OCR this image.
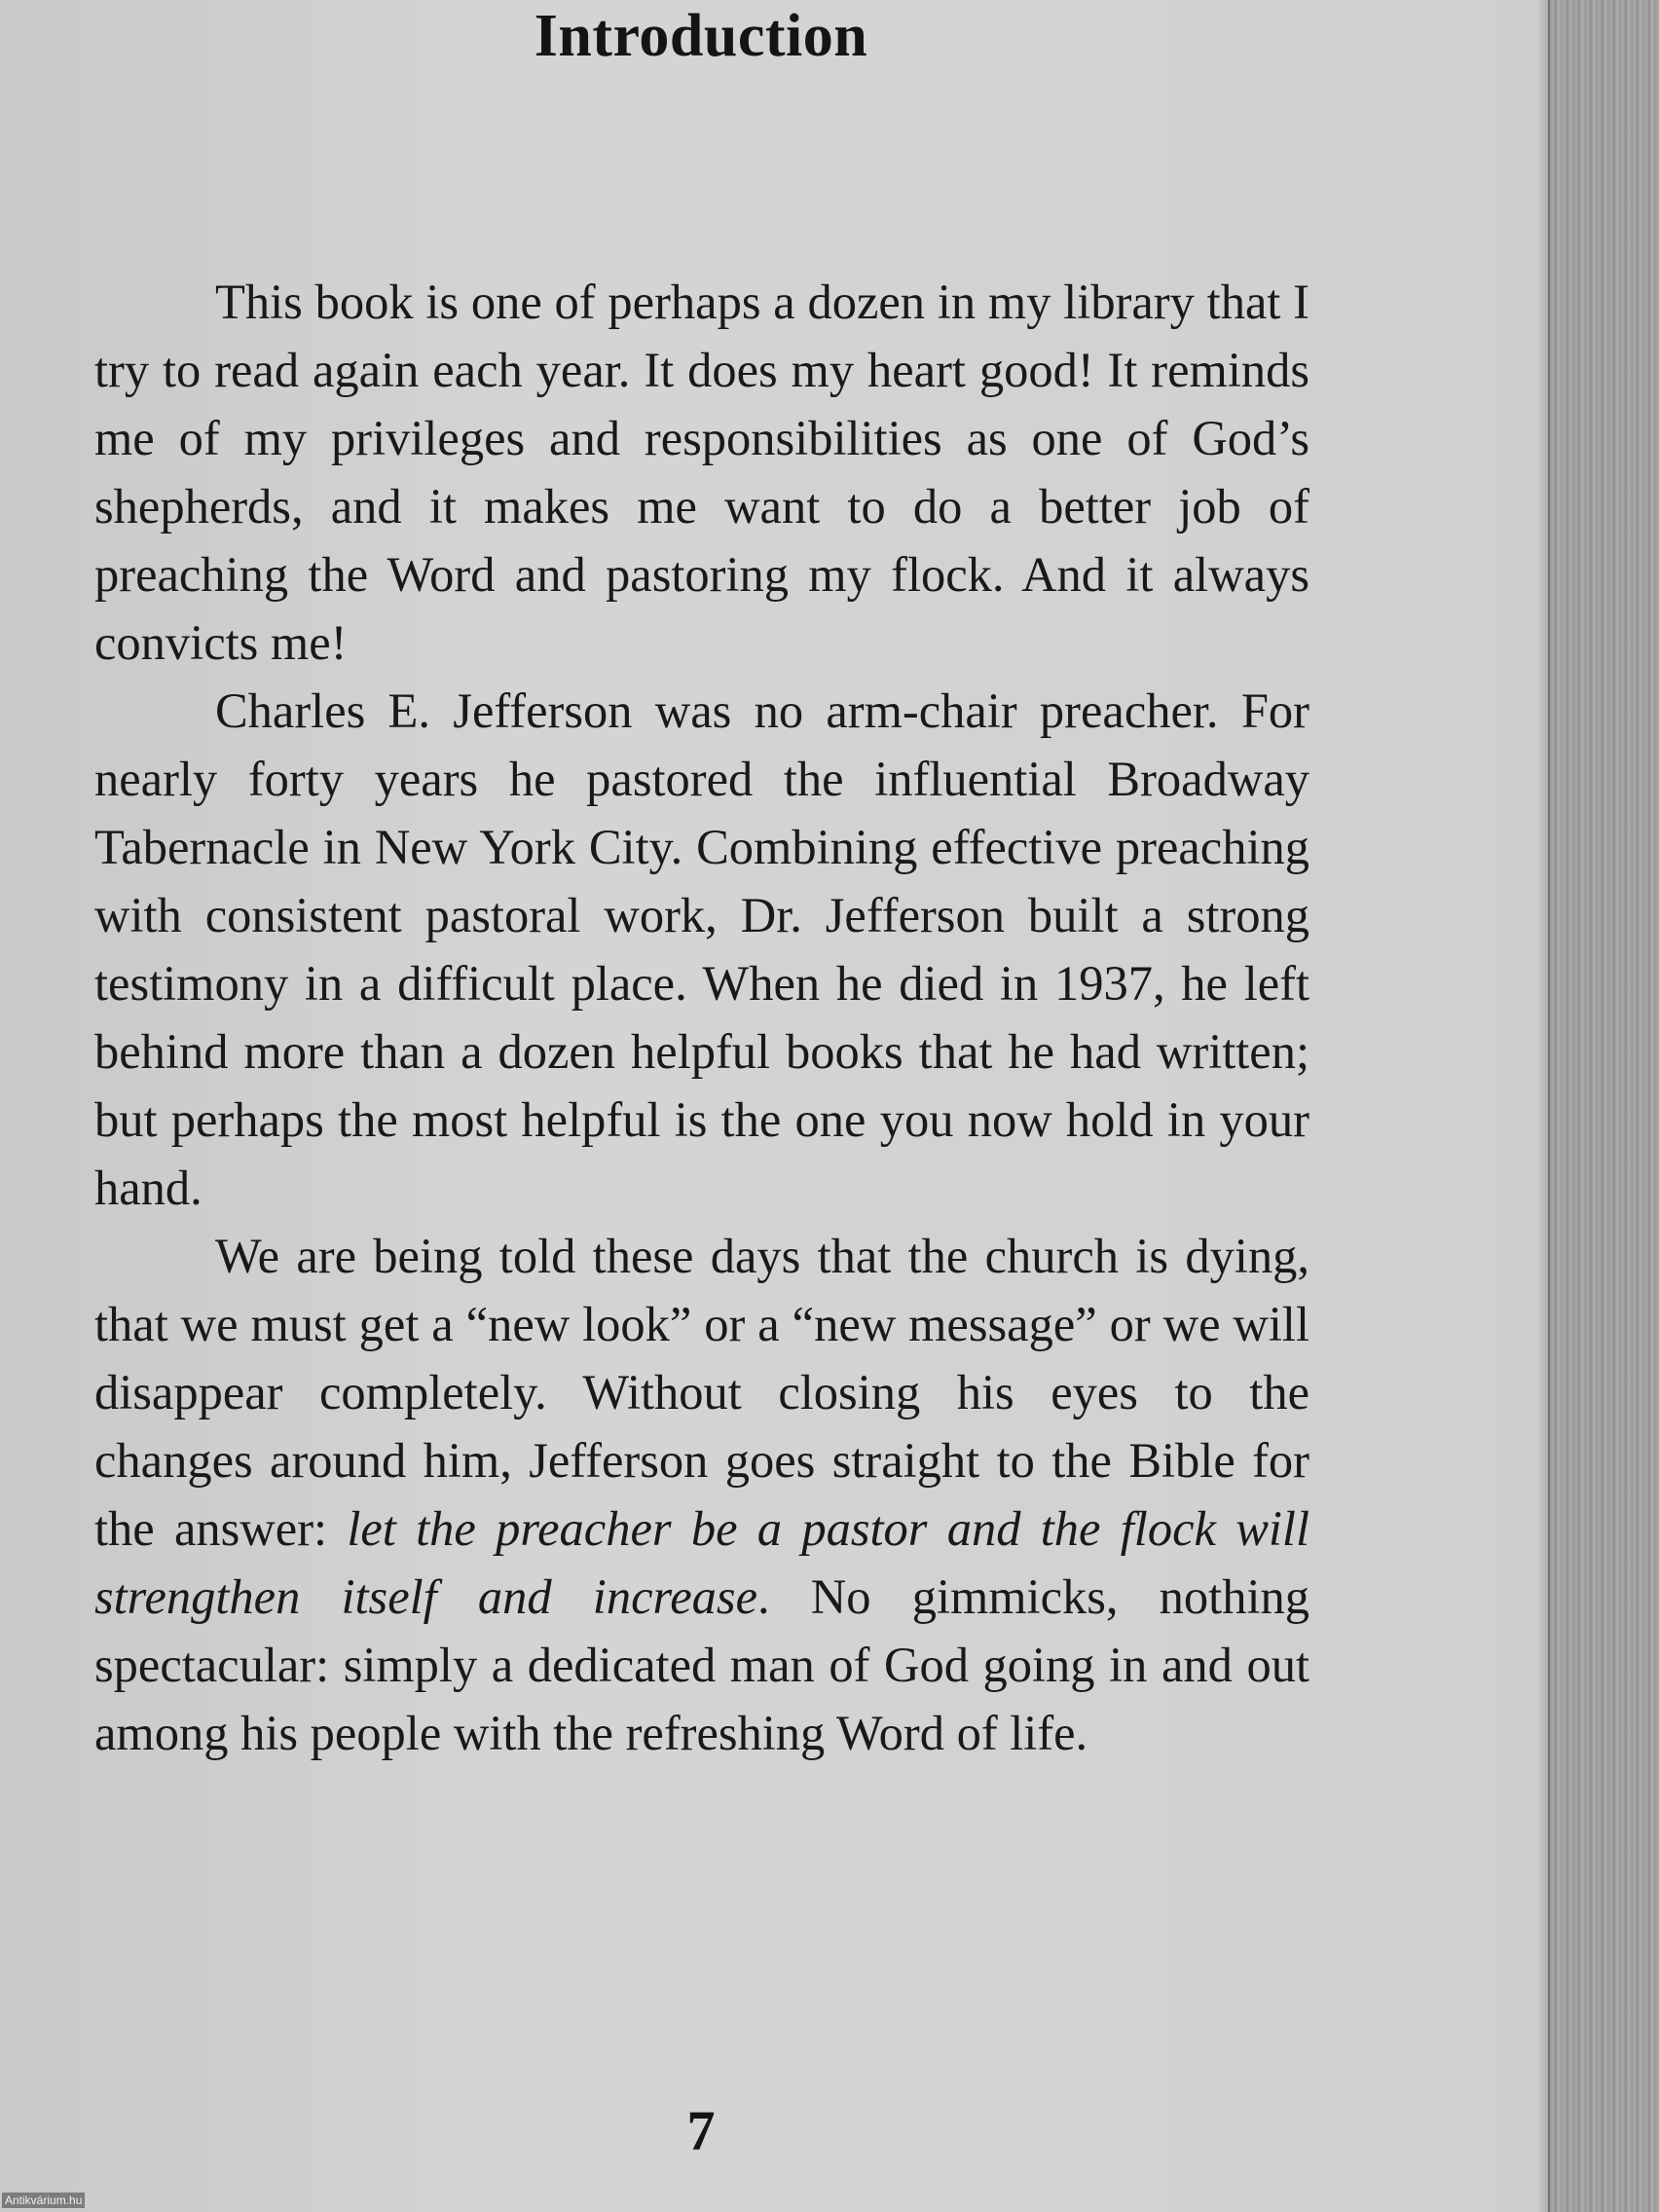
Introduction

This book is one of perhaps a dozen in my library that I try to read again each year. It does my heart good! It reminds me of my privileges and responsibilities as one of God’s shepherds, and it makes me want to do a better job of preaching the Word and pastoring my flock. And it always convicts me!

Charles E. Jefferson was no arm-chair preacher. For nearly forty years he pastored the influential Broadway Tabernacle in New York City. Combining effective preaching with consistent pastoral work, Dr. Jefferson built a strong testimony in a difficult place. When he died in 1937, he left behind more than a dozen helpful books that he had written; but perhaps the most helpful is the one you now hold in your hand.

We are being told these days that the church is dying, that we must get a “new look” or a “new message” or we will disappear completely. Without closing his eyes to the changes around him, Jefferson goes straight to the Bible for the answer: let the preacher be a pastor and the flock will strengthen itself and increase. No gimmicks, nothing spectacular: simply a dedicated man of God going in and out among his people with the refreshing Word of life.

7
Antikvárium.hu
